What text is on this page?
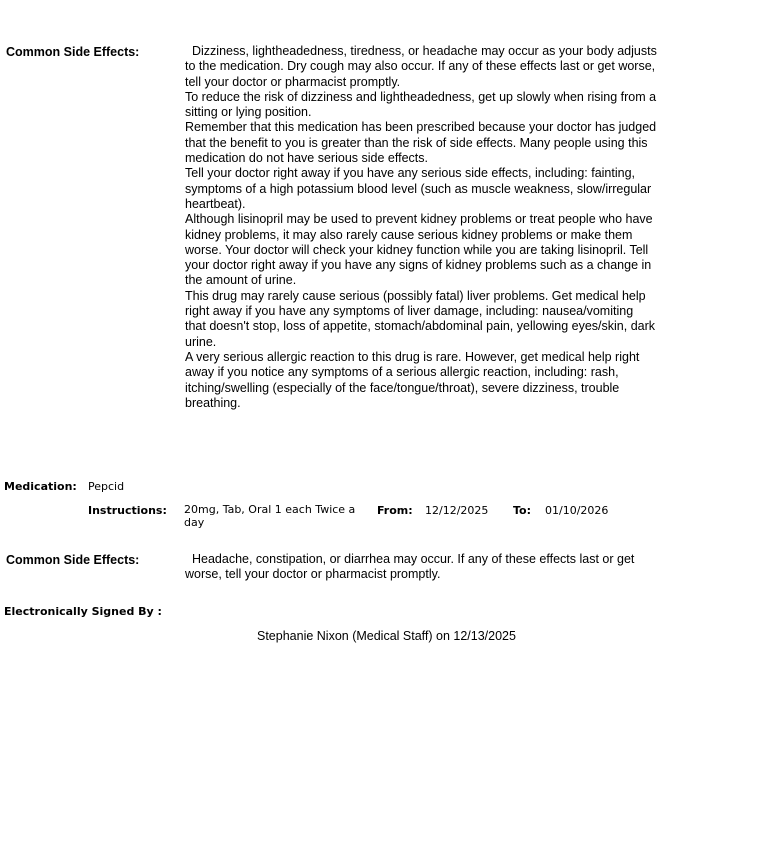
Common Side Effects:	Dizziness, lightheadedness, tiredness, or headache may occur as your body adjusts to the medication. Dry cough may also occur. If any of these effects last or get worse, tell your doctor or pharmacist promptly.

To reduce the risk of dizziness and lightheadedness, get up slowly when rising from a sitting or lying position.

Remember that this medication has been prescribed because your doctor has judged that the benefit to you is greater than the risk of side effects. Many people using this medication do not have serious side effects.

Tell your doctor right away if you have any serious side effects, including: fainting, symptoms of a high potassium blood level (such as muscle weakness, slow/irregular heartbeat).

Although lisinopril may be used to prevent kidney problems or treat people who have kidney problems, it may also rarely cause serious kidney problems or make them worse. Your doctor will check your kidney function while you are taking lisinopril. Tell your doctor right away if you have any signs of kidney problems such as a change in the amount of urine.

This drug may rarely cause serious (possibly fatal) liver problems. Get medical help right away if you have any symptoms of liver damage, including: nausea/vomiting that doesn't stop, loss of appetite, stomach/abdominal pain, yellowing eyes/skin, dark urine.

A very serious allergic reaction to this drug is rare. However, get medical help right away if you notice any symptoms of a serious allergic reaction, including: rash, itching/swelling (especially of the face/tongue/throat), severe dizziness, trouble breathing.

Medication: Pepcid
Instructions: 20mg, Tab, Oral 1 each Twice a day
From: 12/12/2025 To: 01/10/2026
Common Side Effects:	Headache, constipation, or diarrhea may occur. If any of these effects last or get worse, tell your doctor or pharmacist promptly.

Electronically Signed By :
Stephanie Nixon (Medical Staff) on 12/13/2025
